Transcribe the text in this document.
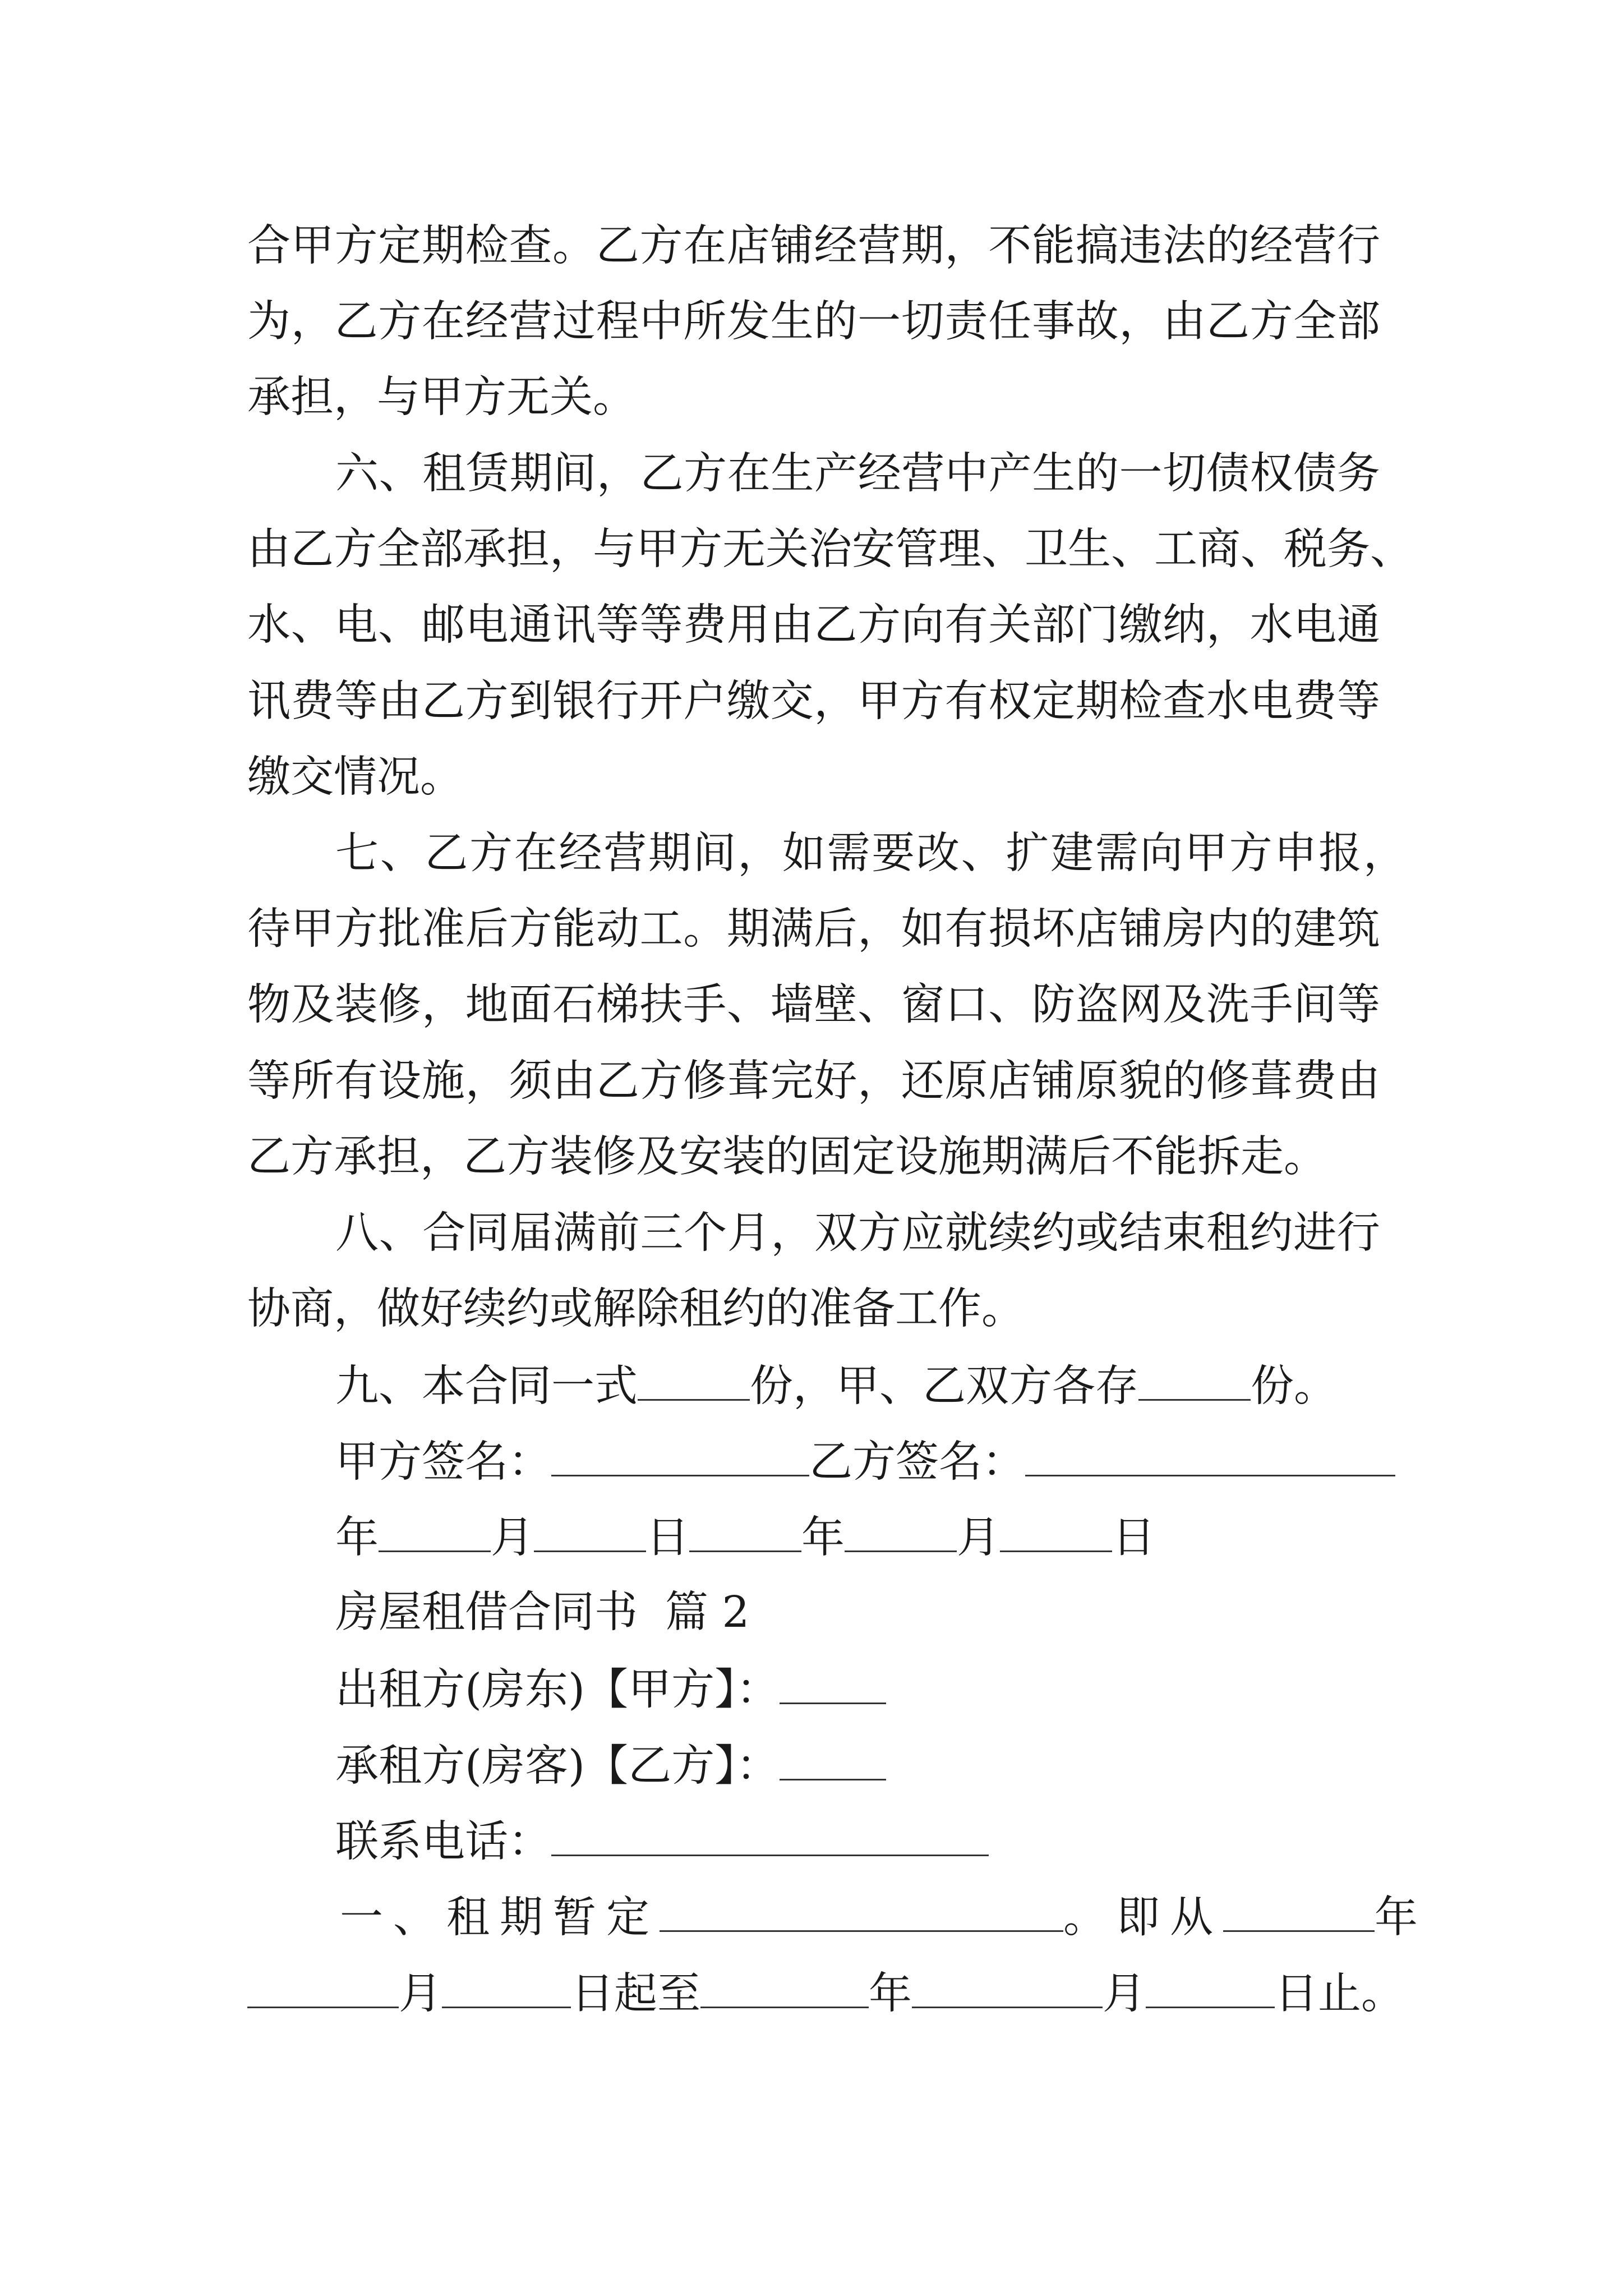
合 甲 方 定 期 检 查 。 乙 方 在 店 铺 经 营 期 ， 不 能 搞 违 法 的 经 营 行
为 ， 乙 方 在 经 营 过 程 中 所 发 生 的 一 切 责 任 事 故 ， 由 乙 方 全 部
承担，与甲方无关。
六 、 租 赁 期 间 ， 乙 方 在 生 产 经 营 中 产 生 的 一 切 债 权 债 务
由 乙 方 全 部 承 担 ， 与 甲 方 无 关 治 安 管 理 、 卫 生 、 工 商 、 税 务 、
水 、 电 、 邮 电 通 讯 等 等 费 用 由 乙 方 向 有 关 部 门 缴 纳 ， 水 电 通
讯 费 等 由 乙 方 到 银 行 开 户 缴 交 ， 甲 方 有 权 定 期 检 查 水 电 费 等
缴交情况。
七 、 乙 方 在 经 营 期 间 ， 如 需 要 改 、 扩 建 需 向 甲 方 申 报 ，
待 甲 方 批 准 后 方 能 动 工 。 期 满 后 ， 如 有 损 坏 店 铺 房 内 的 建 筑
物 及 装 修 ， 地 面 石 梯 扶 手 、 墙 壁 、 窗 口 、 防 盗 网 及 洗 手 间 等
等 所 有 设 施 ， 须 由 乙 方 修 葺 完 好 ， 还 原 店 铺 原 貌 的 修 葺 费 由
乙方承担，乙方装修及安装的固定设施期满后不能拆走。
八 、 合 同 届 满 前 三 个 月 ， 双 方 应 就 续 约 或 结 束 租 约 进 行
协商，做好续约或解除租约的准备工作。
九、本合同一式	份，甲、乙双方各存	份。
甲方签名：	乙方签名：
年	月	日	年	月	日
房屋租借合同书  篇 2
出租方(房东)【甲方】：
承租方(房客)【乙方】：
联系电话：
一、租期暂定	。即从	年
月	日起至	年	月	日止。
